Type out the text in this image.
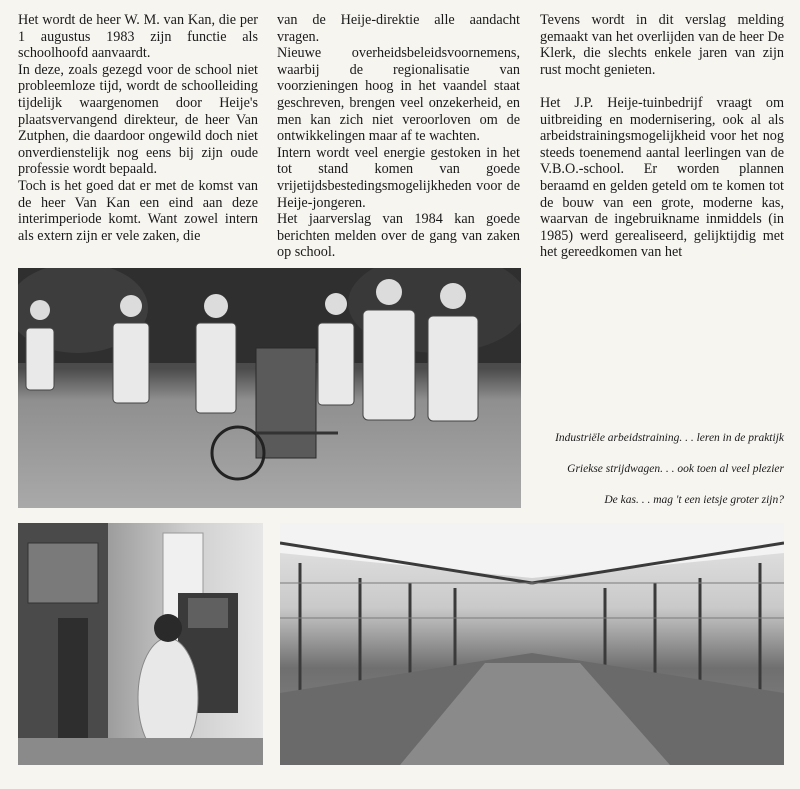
Het wordt de heer W. M. van Kan, die per 1 augustus 1983 zijn functie als schoolhoofd aanvaardt.

In deze, zoals gezegd voor de school niet probleemloze tijd, wordt de schoolleiding tijdelijk waargenomen door Heije's plaatsvervangend direkteur, de heer Van Zutphen, die daardoor ongewild doch niet onverdienstelijk nog eens bij zijn oude professie wordt bepaald.

Toch is het goed dat er met de komst van de heer Van Kan een eind aan deze interimperiode komt. Want zowel intern als extern zijn er vele zaken, die

van de Heije-direktie alle aandacht vragen.

Nieuwe overheidsbeleidsvoornemens, waarbij de regionalisatie van voorzieningen hoog in het vaandel staat geschreven, brengen veel onzekerheid, en men kan zich niet veroorloven om de ontwikkelingen maar af te wachten.

Intern wordt veel energie gestoken in het tot stand komen van goede vrijetijdsbestedingsmogelijkheden voor de Heije-jongeren.

Het jaarverslag van 1984 kan goede berichten melden over de gang van zaken op school.

Tevens wordt in dit verslag melding gemaakt van het overlijden van de heer De Klerk, die slechts enkele jaren van zijn rust mocht genieten.

Het J.P. Heije-tuinbedrijf vraagt om uitbreiding en modernisering, ook al als arbeidstrainingsmogelijkheid voor het nog steeds toenemend aantal leerlingen van de V.B.O.-school. Er worden plannen beraamd en gelden geteld om te komen tot de bouw van een grote, moderne kas, waarvan de ingebruikname inmiddels (in 1985) werd gerealiseerd, gelijktijdig met het gereedkomen van het

Industriële arbeidstraining. . . leren in de praktijk
Griekse strijdwagen. . . ook toen al veel plezier
De kas. . . mag 't een ietsje groter zijn?
